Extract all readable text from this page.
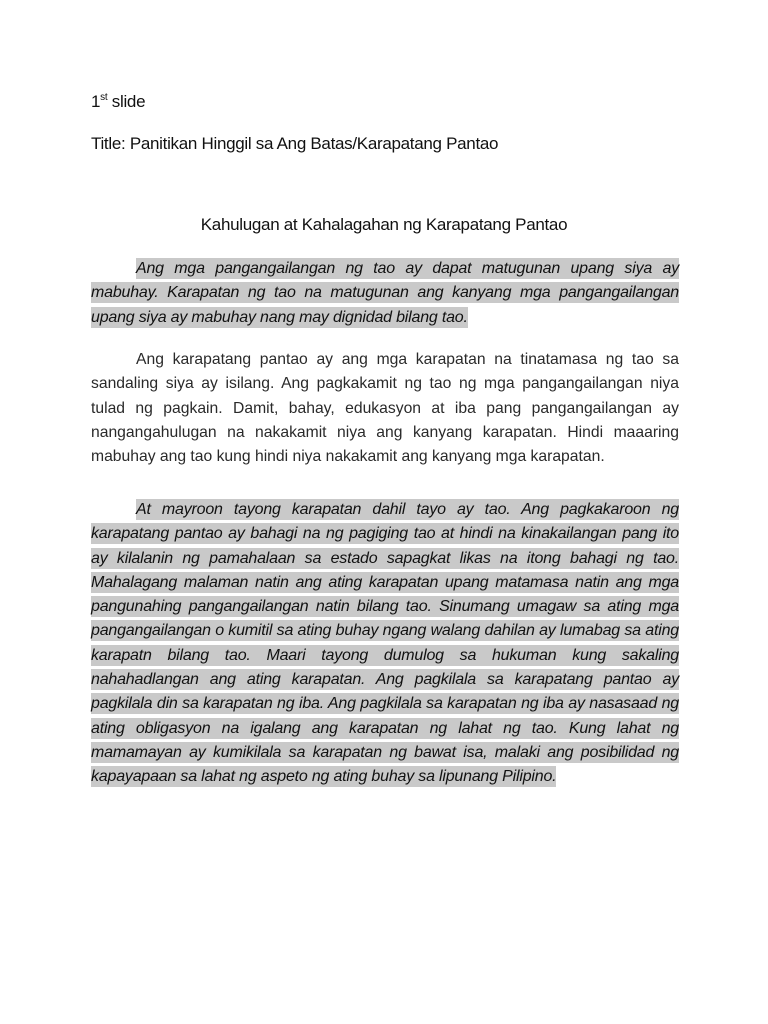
1st slide
Title: Panitikan Hinggil sa Ang Batas/Karapatang Pantao
Kahulugan at Kahalagahan ng Karapatang Pantao

Ang mga pangangailangan ng tao ay dapat matugunan upang siya ay mabuhay. Karapatan ng tao na matugunan ang kanyang mga pangangailangan upang siya ay mabuhay nang may dignidad bilang tao.

Ang karapatang pantao ay ang mga karapatan na tinatamasa ng tao sa sandaling siya ay isilang. Ang pagkakamit ng tao ng mga pangangailangan niya tulad ng pagkain. Damit, bahay, edukasyon at iba pang pangangailangan ay nangangahulugan na nakakamit niya ang kanyang karapatan. Hindi maaaring mabuhay ang tao kung hindi niya nakakamit ang kanyang mga karapatan.

At mayroon tayong karapatan dahil tayo ay tao. Ang pagkakaroon ng karapatang pantao ay bahagi na ng pagiging tao at hindi na kinakailangan pang ito ay kilalanin ng pamahalaan sa estado sapagkat likas na itong bahagi ng tao. Mahalagang malaman natin ang ating karapatan upang matamasa natin ang mga pangunahing pangangailangan natin bilang tao. Sinumang umagaw sa ating mga pangangailangan o kumitil sa ating buhay ngang walang dahilan ay lumabag sa ating karapatn bilang tao. Maari tayong dumulog sa hukuman kung sakaling nahahadlangan ang ating karapatan. Ang pagkilala sa karapatang pantao ay pagkilala din sa karapatan ng iba. Ang pagkilala sa karapatan ng iba ay nasasaad ng ating obligasyon na igalang ang karapatan ng lahat ng tao. Kung lahat ng mamamayan ay kumikilala sa karapatan ng bawat isa, malaki ang posibilidad ng kapayapaan sa lahat ng aspeto ng ating buhay sa lipunang Pilipino.
